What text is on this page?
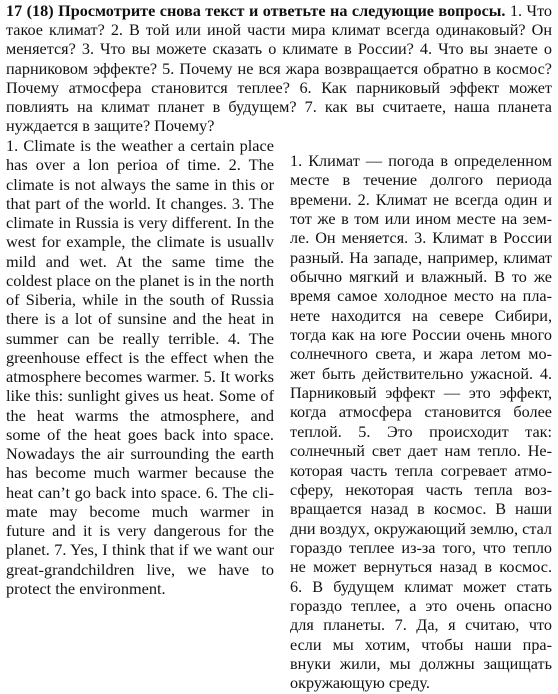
17 (18) Просмотрите снова текст и ответьте на следующие вопросы. 1. Что такое климат? 2. В той или иной части мира климат всегда одинаковый? Он меняется? 3. Что вы можете сказать о климате в России? 4. Что вы знаете о парниковом эффекте? 5. Почему не вся жара возвращается обратно в космос? Почему атмосфера становится теплее? 6. Как парниковый эффект может повлиять на климат планет в будущем? 7. как вы считаете, наша планета нуждается в защите? Почему?

1. Climate is the weather a certain place has over a lon perioa of time. 2. The climate is not always the same in this or that part of the world. It changes. 3. The climate in Russia is very different. In the west for example, the climate is usuallv mild and wet. At the same time the coldest place on the planet is in the north of Siberia, while in the south of Russia there is a lot of sunsine and the heat in summer can be really terrible. 4. The greenhouse effect is the effect when the atmosphere becomes warmer. 5. It works like this: sunlight gives us heat. Some of the heat warms the atmosphere, and some of the heat goes back into space. Nowadays the air surrounding the earth has become much warmer because the heat can’t go back into space. 6. The climate may become much warmer in future and it is very dangerous for the planet. 7. Yes, I think that if we want our great-grandchildren live, we have to protect the environment.

1. Климат — погода в определенном месте в течение долгого периода времени. 2. Климат не всегда один и тот же в том или ином месте на земле. Он меняется. 3. Климат в России разный. На западе, например, климат обычно мягкий и влажный. В то же время самое холодное место на планете находится на севере Сибири, тогда как на юге России очень много солнечного света, и жара летом может быть действительно ужасной. 4. Парниковый эффект — это эффект, когда атмосфера становится более теплой. 5. Это происходит так: солнечный свет дает нам тепло. Некоторая часть тепла согревает атмосферу, некоторая часть тепла возвращается назад в космос. В наши дни воздух, окружающий землю, стал гораздо теплее из-за того, что тепло не может вернуться назад в космос. 6. В будущем климат может стать гораздо теплее, а это очень опасно для планеты. 7. Да, я считаю, что если мы хотим, чтобы наши правнуки жили, мы должны защищать окружающую среду.
